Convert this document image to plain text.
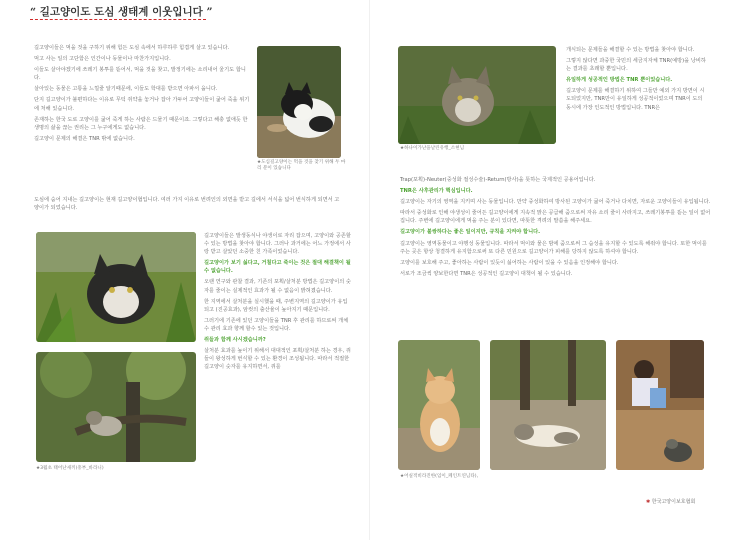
“ 길고양이도 도심 생태계 이웃입니다 ”

길고양이들은 먹을 것을 구하기 위해 힘든 도심 속에서 하루하루 힘겹게 살고 있습니다.

먹고 사는 일의 고단함은 인간이나 동물이나 마찬가지입니다.

이들도 살아야겠기에 쓰레기 봉투를 뜯어서, 먹을 것을 찾고, 발정기에는 소리내어 울기도 합니다.

살아있는 동물은 고통을 느낄줄 알기때문에, 이들도 학대를 받으면 아파서 웁니다.

단지 길고양이가 불편하다는 이유로 무턱 쥐약을 놓거나 잡아 가두어 고양이들이 굶어 죽을 위기에 처해 있습니다.

존재하는 한국 도로 고양이를 굶어 죽게 하는 사람은 드물기 때문이죠. 그렇다고 해충 없애듯 한 생명의 삶을 끊는 권리는 그 누구에게도 없습니다.

길고양이 문제의 해결은 TNR 밖에 없습니다.

★도심길고양이는 먹을 것을 찾기 위해 두 마리 분이 있습니다

도심에 숨어 지내는 길고양이는 현재 길고양이협입니다. 여러 가지 이유로 번려인의 외면을 받고 길에서 서식을 넓어 번식하게 되면서 고양이가 되었습니다.

길고양이들은 발생동식나 야생이로 자리 잡으며, 고양이와 공존할 수 있는 방법을 찾아야 합니다. 그러나 과거에는 어느 가정에서 사랑 받고 살았던 소중한 친 가족이었습니다.

길고양이가 보기 싫다고, 거칠다고 죽이는 것은 절대 해결책이 될 수 없습니다.

오랜 연구와 관찰 결과, 기존의 포획/살처분 방법은 길고양이의 숫자를 줄이는 실제적인 효과가 될 수 없음이 밝혀졌습니다.

한 지역에서 살처분을 실시했을 때, 주변지역의 길고양이가 유입되고 (진공효과), 암컷의 출산율이 높아지기 때문입니다.

그러기에 기존에 있던 고양이들을 TNR 후 관리를 하므로써 개체수 관리 효과 향께 할수 있는 것입니다.

쥐들과 함께 사시겠습니까?

살처분 효과를 높이기 위해서 대대적인 포획/살처분 하는 경우, 쥐들이 왕성하게 번식할 수 있는 환경이 조성됩니다. 따라서 적절한 길고양이 숫자를 유지하면서, 쥐를

★3월초 태어난새끼(흥부_바라니)
★하나이가난을날린유행_소현님

개식되는 문제들을 해결할 수 있는 방법을 찾아야 합니다.

그렇지 않다면 과중한 국민의 세금지자체 TNR(예방)을 낭비하는 결과를 초래할 뿐입니다.

유일하게 성공적인 방법은 TNR 뿐이었습니다.

길고양이 문제를 해결하기 위하여 그들만 예외 가지 방면이 시도되었지만, TNR만이 유일하게 성공적이었으며 TNR이 도의 동시에 가장 인도적인 방법입니다. TNR은

Trap(포획)-Neuter(중성화 절성수술)-Return(방사)을 뜻하는 국제적인 공용어입니다.

TNR은 사후관리가 핵심입니다.

길고양이는 자기의 영역을 지키며 사는 동물입니다. 만약 중성화하여 방사된 고양이가 굶어 죽거나 다치면, 자로운 고양이들이 유입됩니다.

따라서 중성화로 인해 야생성이 줄어든 길고양이에게 지속적 맑은 공급해 줌으로써 자유 소리 줄이 사라지고, 쓰레기봉투를 뜯는 일이 없어집니다. 주변에 길고양이에게 먹을 주는 분이 있다면, 따뜻한 격려의 말씀을 해주세요.

길고양이가 불쌍하다는 좋은 일이지만, 규칙을 지켜야 합니다.

길고양이는 영역동물이고 야행성 동물입니다. 따라서 먹이와 물은 밤에 줌으로써 그 습성을 유지할 수 있도록 해줘야 합니다. 또한 먹이를 주는 곳은 항상 청결하게 유지함으로써 또 다른 민원으로 길고양이가 피해를 당하지 않도록 하셔야 합니다.

고양이를 보호해 주고, 좋아하는 사람이 있듯이 싫어하는 사람이 있을 수 있음을 인정해야 합니다.

서로가 조금씩 양보한다면 TNR은 성공적인 길고양이 대책이 될 수 있습니다.

★어실적비라진한(임이_페인트연님타),
✱ 한국고양이보호협회
